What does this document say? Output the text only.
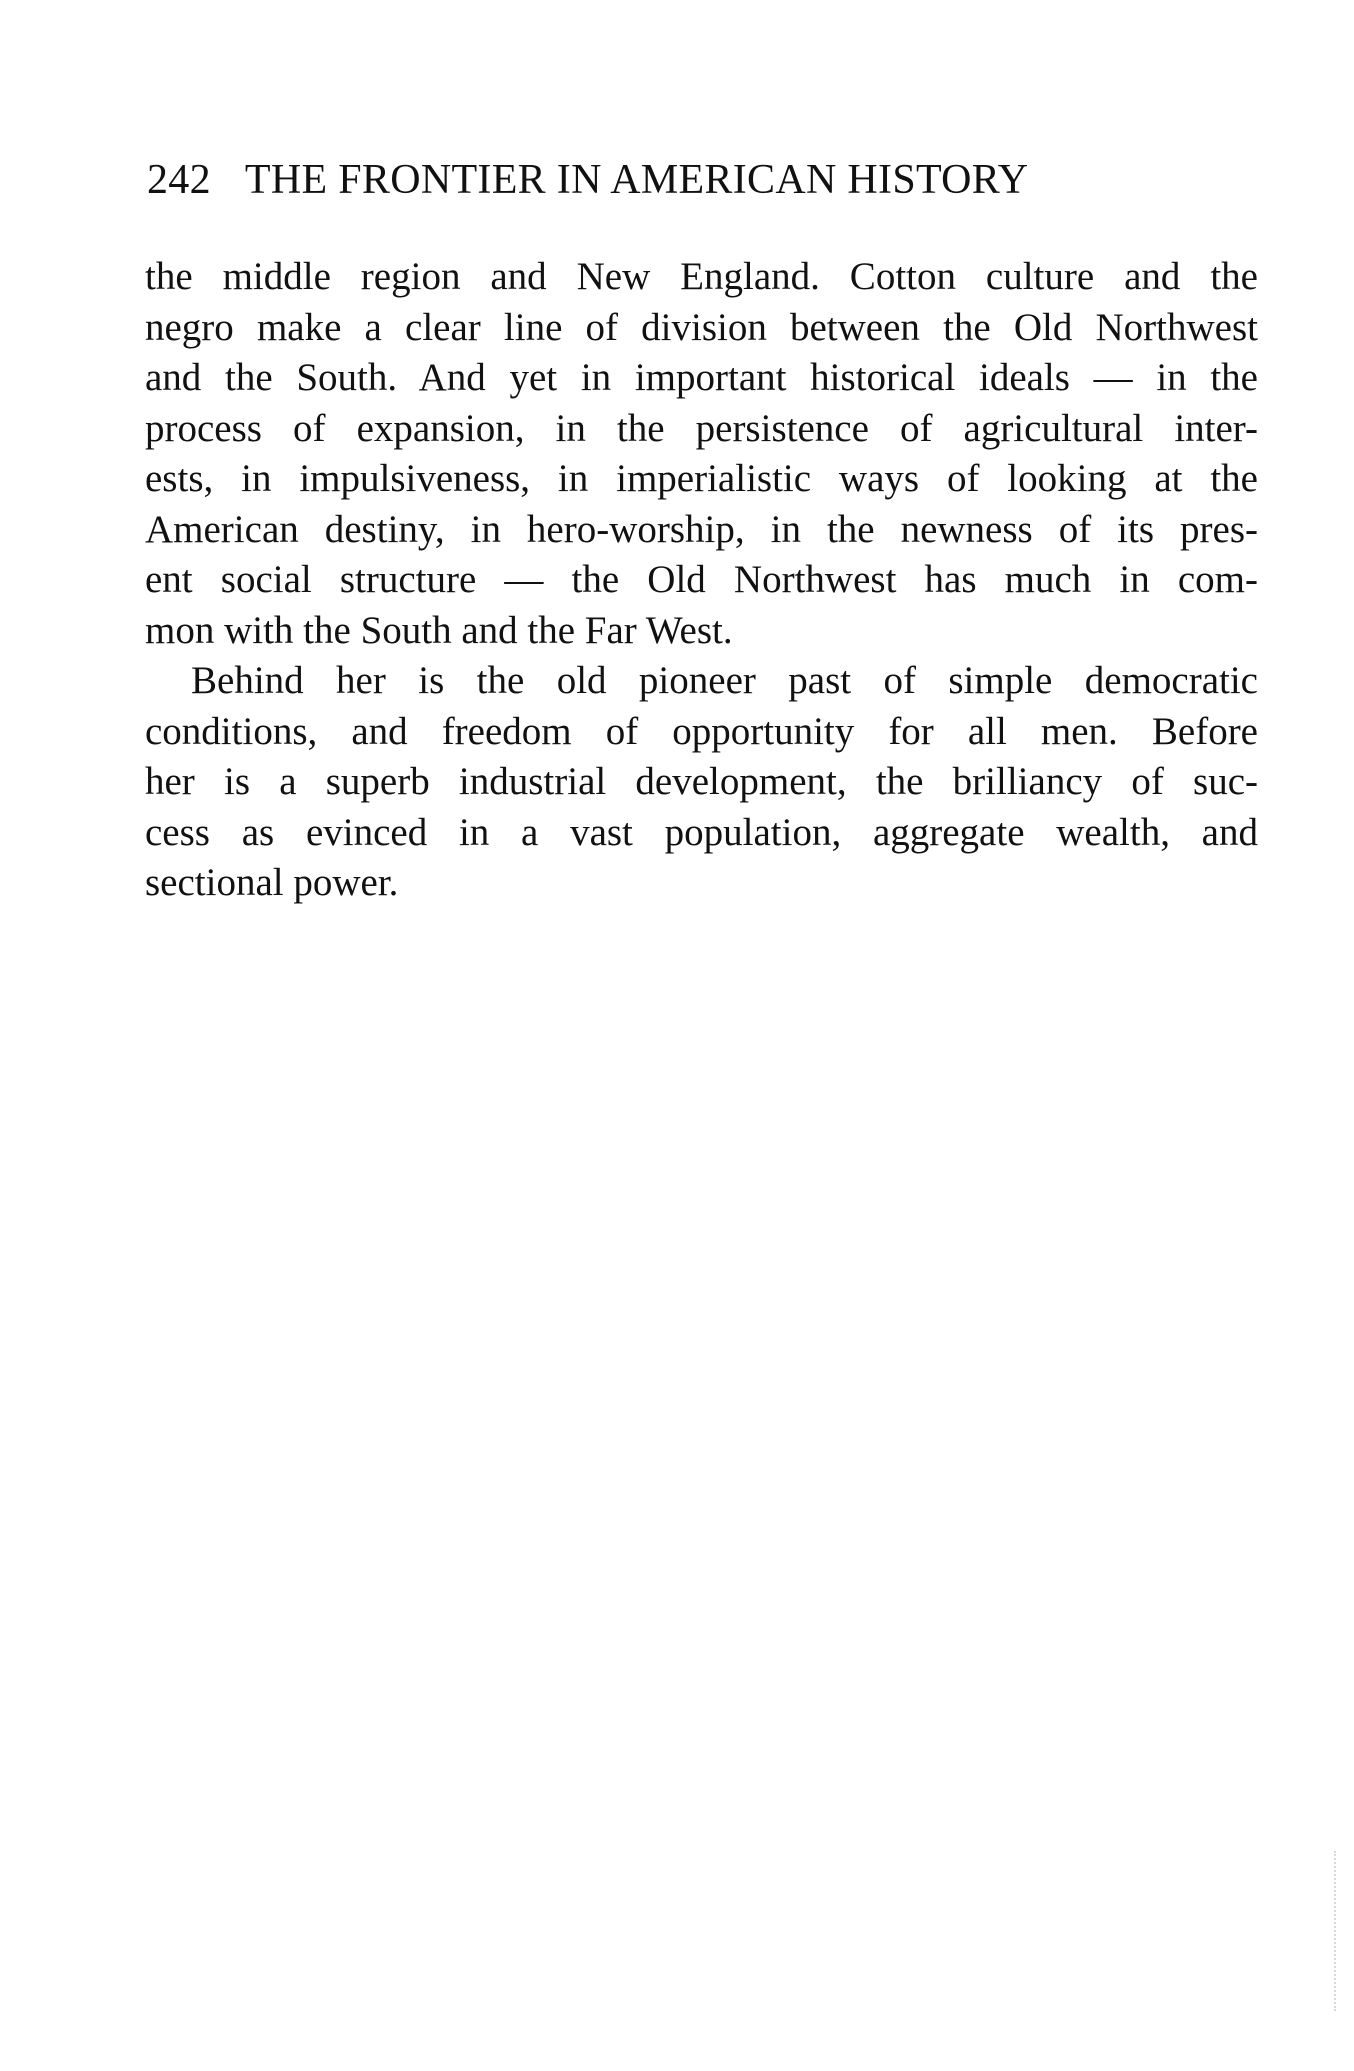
242 THE FRONTIER IN AMERICAN HISTORY
the middle region and New England. Cotton culture and the
negro make a clear line of division between the Old Northwest
and the South. And yet in important historical ideals — in the
process of expansion, in the persistence of agricultural inter-
ests, in impulsiveness, in imperialistic ways of looking at the
American destiny, in hero-worship, in the newness of its pres-
ent social structure — the Old Northwest has much in com-
mon with the South and the Far West.
Behind her is the old pioneer past of simple democratic
conditions, and freedom of opportunity for all men. Before
her is a superb industrial development, the brilliancy of suc-
cess as evinced in a vast population, aggregate wealth, and
sectional power.
